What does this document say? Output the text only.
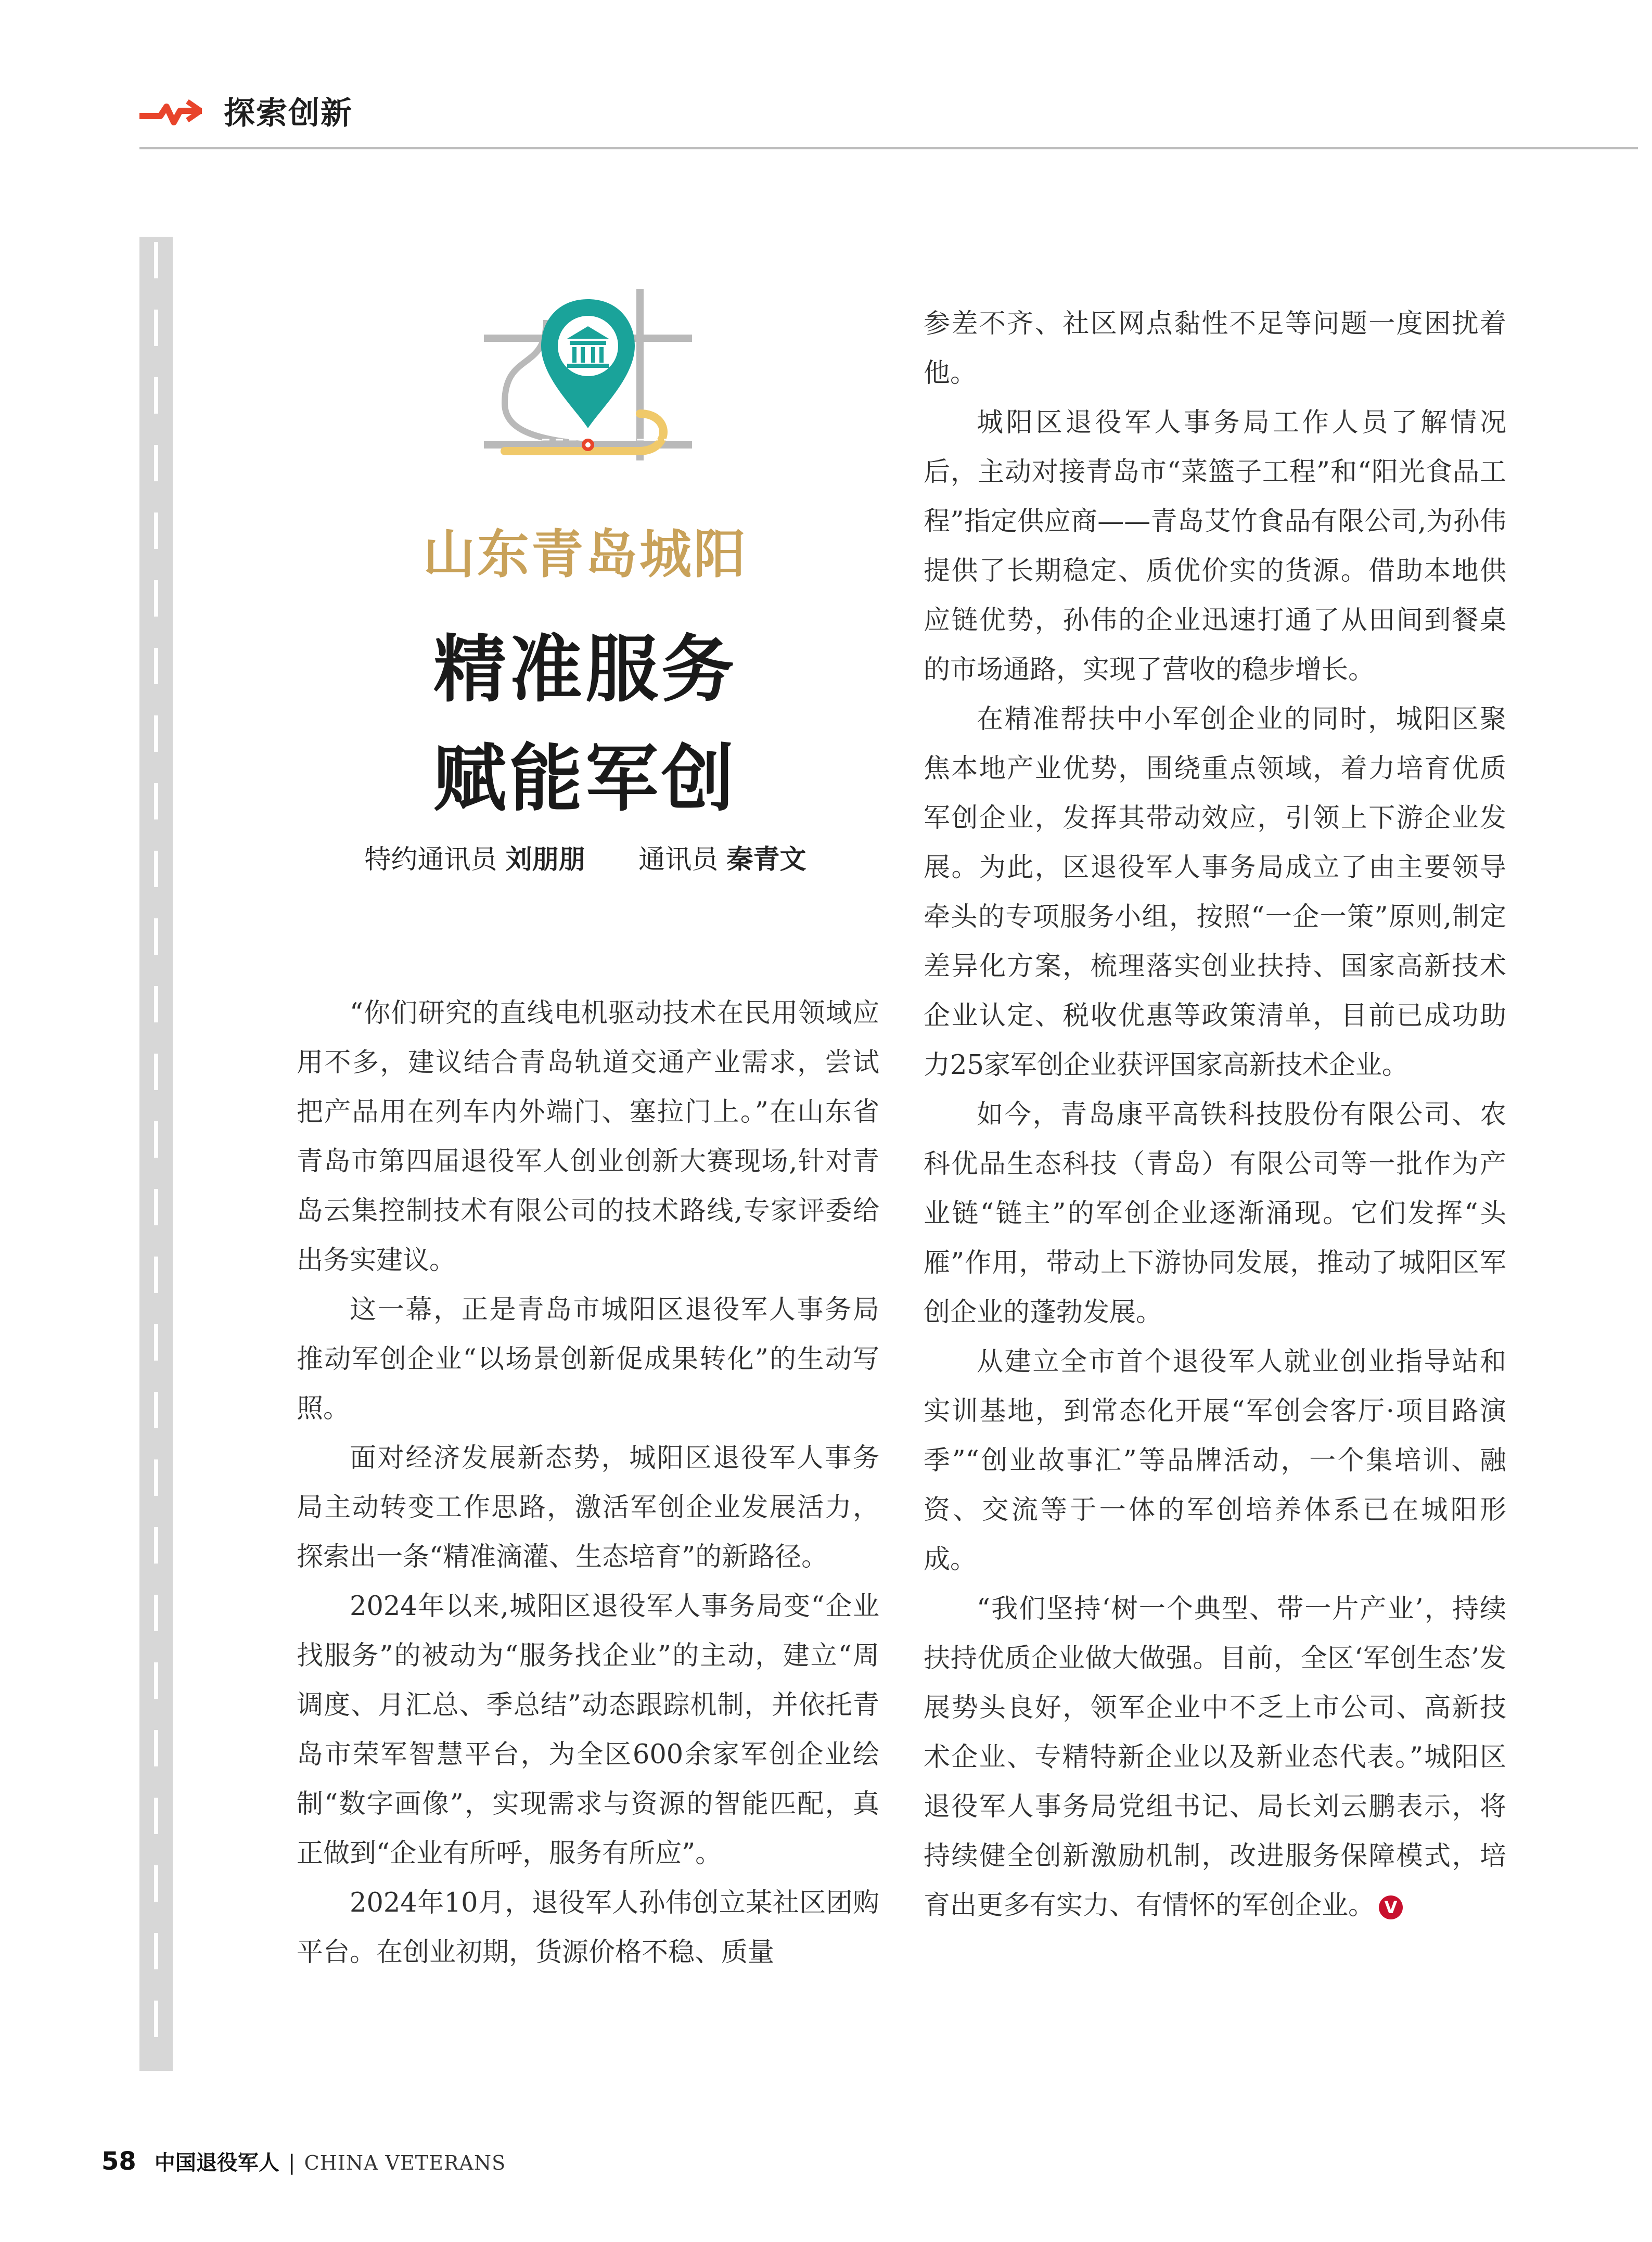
探索创新
山东青岛城阳
精准服务
赋能军创
特约通讯员 刘朋朋 通讯员 秦青文

“你们研究的直线电机驱动技术在民用领域应用不多，建议结合青岛轨道交通产业需求，尝试把产品用在列车内外端门、塞拉门上。”在山东省青岛市第四届退役军人创业创新大赛现场,针对青岛云集控制技术有限公司的技术路线,专家评委给出务实建议。

这一幕，正是青岛市城阳区退役军人事务局推动军创企业“以场景创新促成果转化”的生动写照。

面对经济发展新态势，城阳区退役军人事务局主动转变工作思路，激活军创企业发展活力，探索出一条“精准滴灌、生态培育”的新路径。

2024年以来,城阳区退役军人事务局变“企业找服务”的被动为“服务找企业”的主动，建立“周调度、月汇总、季总结”动态跟踪机制，并依托青岛市荣军智慧平台，为全区600余家军创企业绘制“数字画像”，实现需求与资源的智能匹配，真正做到“企业有所呼，服务有所应”。

2024年10月，退役军人孙伟创立某社区团购平台。在创业初期，货源价格不稳、质量

参差不齐、社区网点黏性不足等问题一度困扰着他。

城阳区退役军人事务局工作人员了解情况后，主动对接青岛市“菜篮子工程”和“阳光食品工程”指定供应商——青岛艾竹食品有限公司,为孙伟提供了长期稳定、质优价实的货源。借助本地供应链优势，孙伟的企业迅速打通了从田间到餐桌的市场通路，实现了营收的稳步增长。

在精准帮扶中小军创企业的同时，城阳区聚焦本地产业优势，围绕重点领域，着力培育优质军创企业，发挥其带动效应，引领上下游企业发展。为此，区退役军人事务局成立了由主要领导牵头的专项服务小组，按照“一企一策”原则,制定差异化方案，梳理落实创业扶持、国家高新技术企业认定、税收优惠等政策清单，目前已成功助力25家军创企业获评国家高新技术企业。

如今，青岛康平高铁科技股份有限公司、农科优品生态科技（青岛）有限公司等一批作为产业链“链主”的军创企业逐渐涌现。它们发挥“头雁”作用，带动上下游协同发展，推动了城阳区军创企业的蓬勃发展。

从建立全市首个退役军人就业创业指导站和实训基地，到常态化开展“军创会客厅·项目路演季”“创业故事汇”等品牌活动，一个集培训、融资、交流等于一体的军创培养体系已在城阳形成。

“我们坚持‘树一个典型、带一片产业’，持续扶持优质企业做大做强。目前，全区‘军创生态’发展势头良好，领军企业中不乏上市公司、高新技术企业、专精特新企业以及新业态代表。”城阳区退役军人事务局党组书记、局长刘云鹏表示，将持续健全创新激励机制，改进服务保障模式，培育出更多有实力、有情怀的军创企业。 V

58 中国退役军人 | CHINA VETERANS
